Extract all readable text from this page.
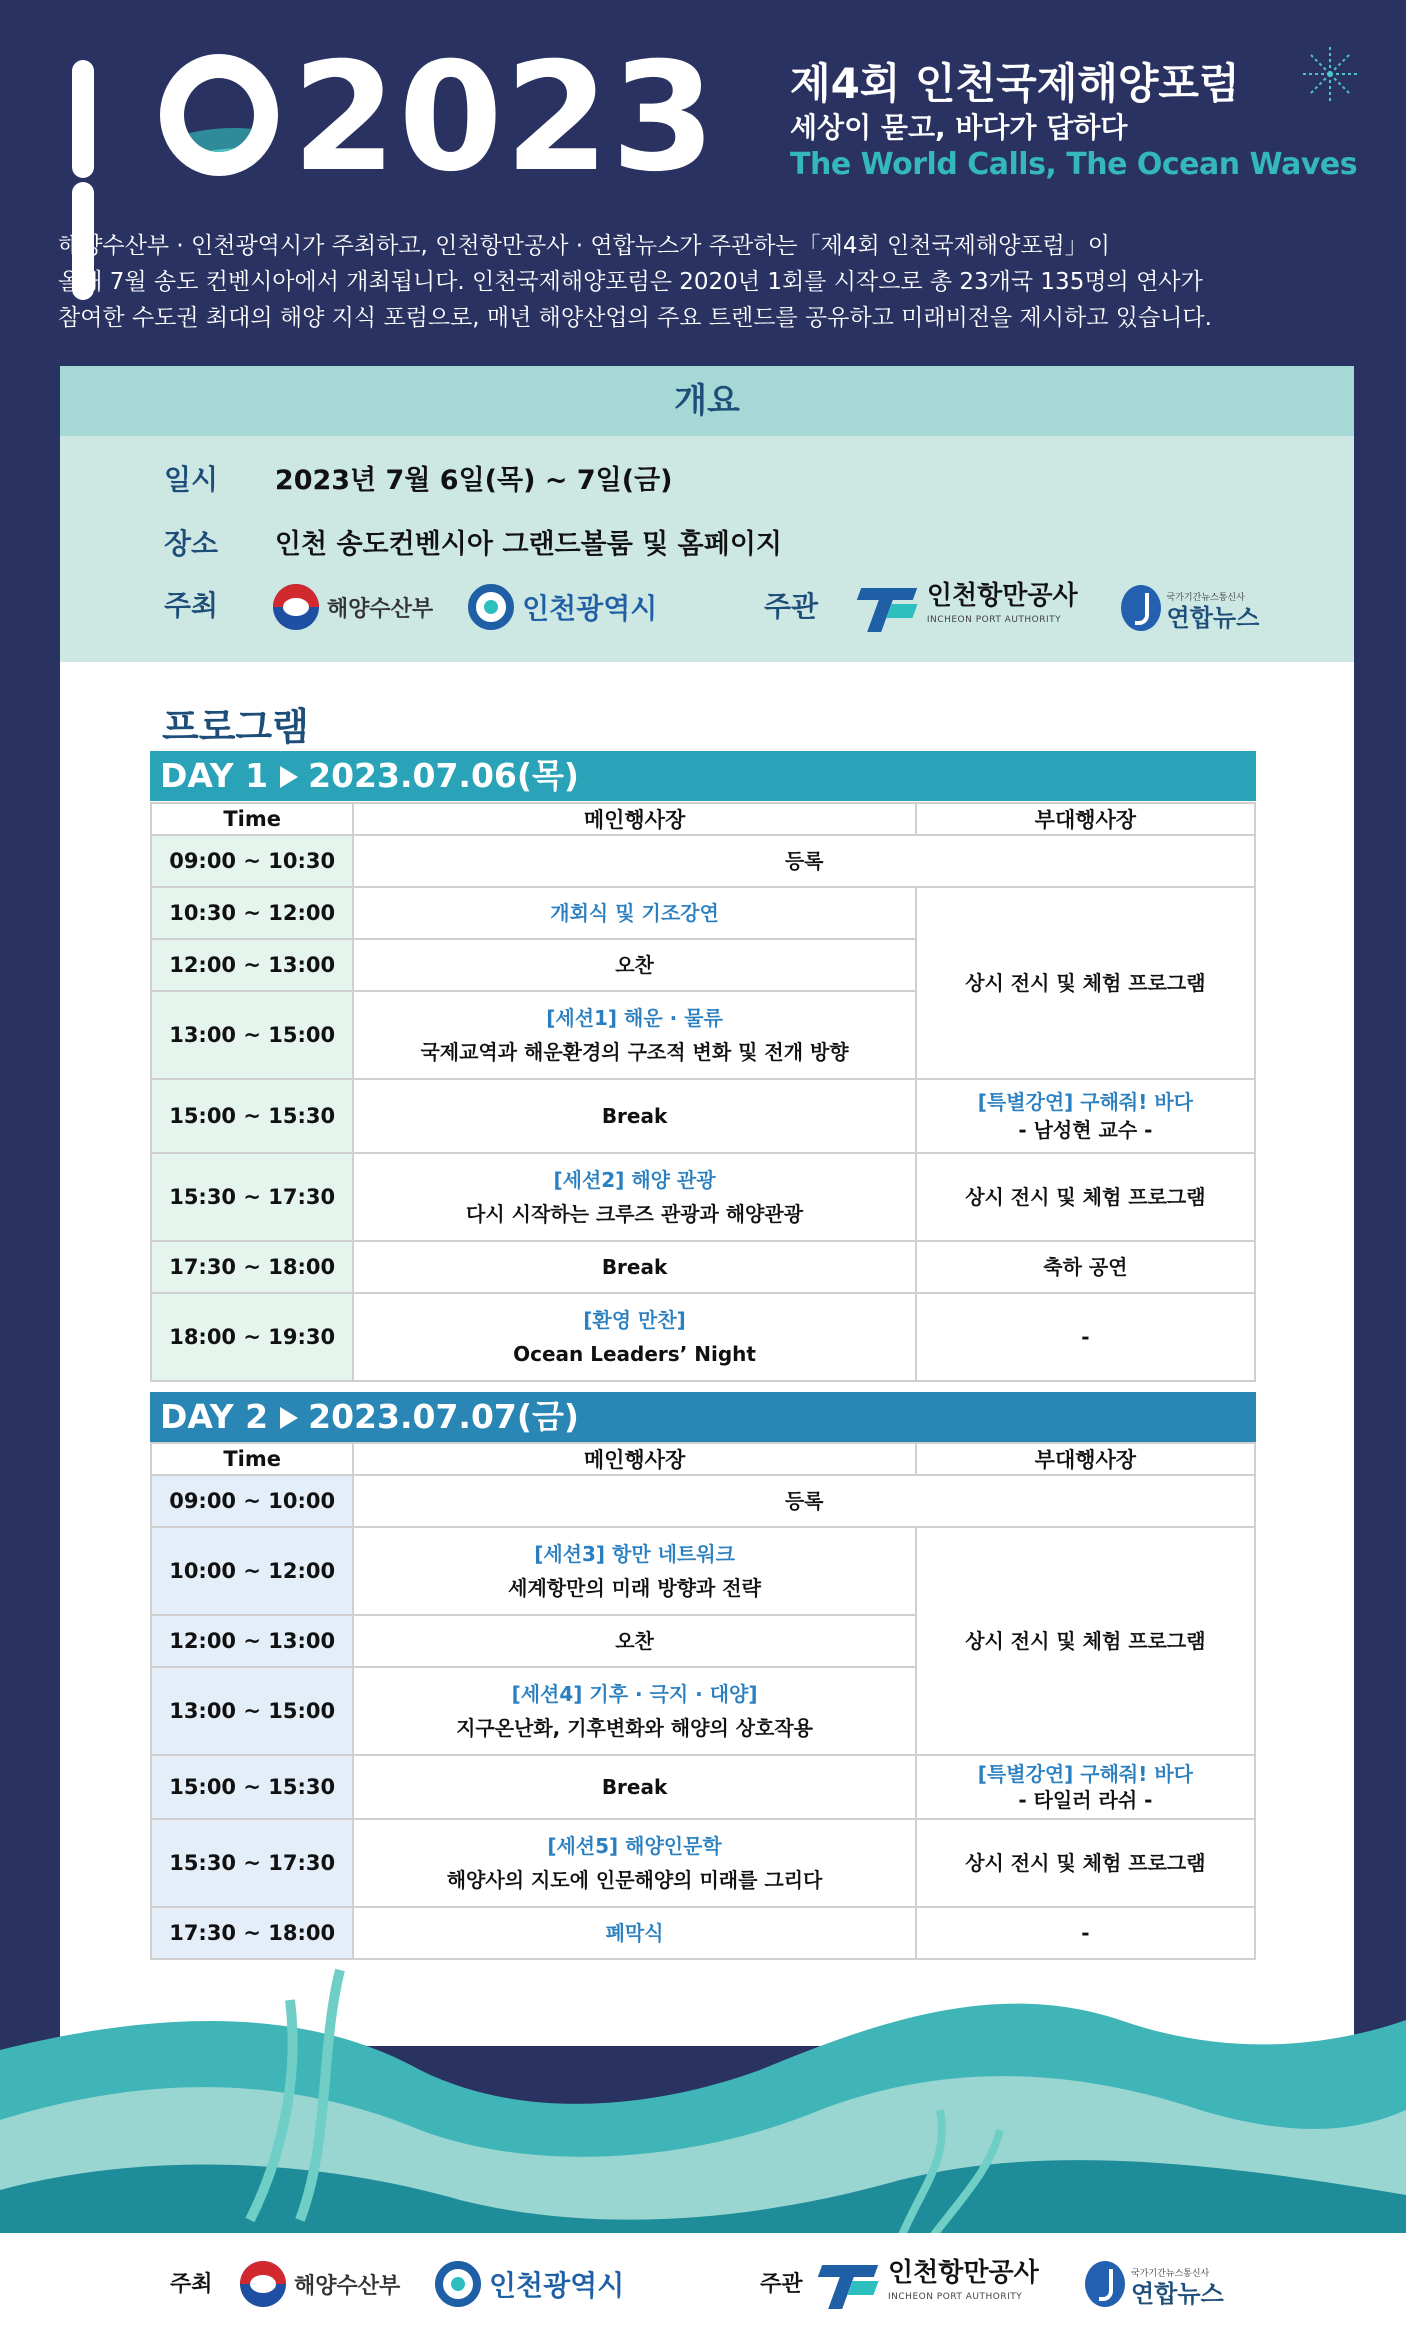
2023 제4회 인천국제해양포럼
세상이 묻고, 바다가 답하다
The World Calls, The Ocean Waves
해양수산부 · 인천광역시가 주최하고, 인천항만공사 · 연합뉴스가 주관하는「제4회 인천국제해양포럼」이
올해 7월 송도 컨벤시아에서 개최됩니다. 인천국제해양포럼은 2020년 1회를 시작으로 총 23개국 135명의 연사가
참여한 수도권 최대의 해양 지식 포럼으로, 매년 해양산업의 주요 트렌드를 공유하고 미래비전을 제시하고 있습니다.
개요
일시 2023년 7월 6일(목) ~ 7일(금)
장소 인천 송도컨벤시아 그랜드볼룸 및 홈페이지
주최	해양수산부
	인천광역시	주관	인천항만공사
INCHEON PORT AUTHORITY

국가기간뉴스통신사
연합뉴스
프로그램
DAY 1 2023.07.06(목)
Time	메인행사장	부대행사장
09:00 ~ 10:30	등록	

10:30 ~ 12:00	개회식 및 기조강연	상시 전시 및 체험 프로그램

12:00 ~ 13:00	오찬	

13:00 ~ 15:00	[세션1] 해운 · 물류
국제교역과 해운환경의 구조적 변화 및 전개 방향	

15:00 ~ 15:30	Break	[특별강연] 구해줘! 바다
- 남성현 교수 -

15:30 ~ 17:30	[세션2] 해양 관광
다시 시작하는 크루즈 관광과 해양관광	상시 전시 및 체험 프로그램

17:30 ~ 18:00	Break	축하 공연

18:00 ~ 19:30	[환영 만찬]
Ocean Leaders’ Night	-
DAY 2 2023.07.07(금)
Time	메인행사장	부대행사장
09:00 ~ 10:00	등록	

10:00 ~ 12:00	[세션3] 항만 네트워크
세계항만의 미래 방향과 전략	상시 전시 및 체험 프로그램

12:00 ~ 13:00	오찬	

13:00 ~ 15:00	[세션4] 기후 · 극지 · 대양]
지구온난화, 기후변화와 해양의 상호작용	

15:00 ~ 15:30	Break	[특별강연] 구해줘! 바다
- 타일러 라쉬 -

15:30 ~ 17:30	[세션5] 해양인문학
해양사의 지도에 인문해양의 미래를 그리다	상시 전시 및 체험 프로그램

17:30 ~ 18:00	폐막식	-
주최	해양수산부	인천광역시	주관	인천항만공사
INCHEON PORT AUTHORITY
국가기간뉴스통신사
연합뉴스
